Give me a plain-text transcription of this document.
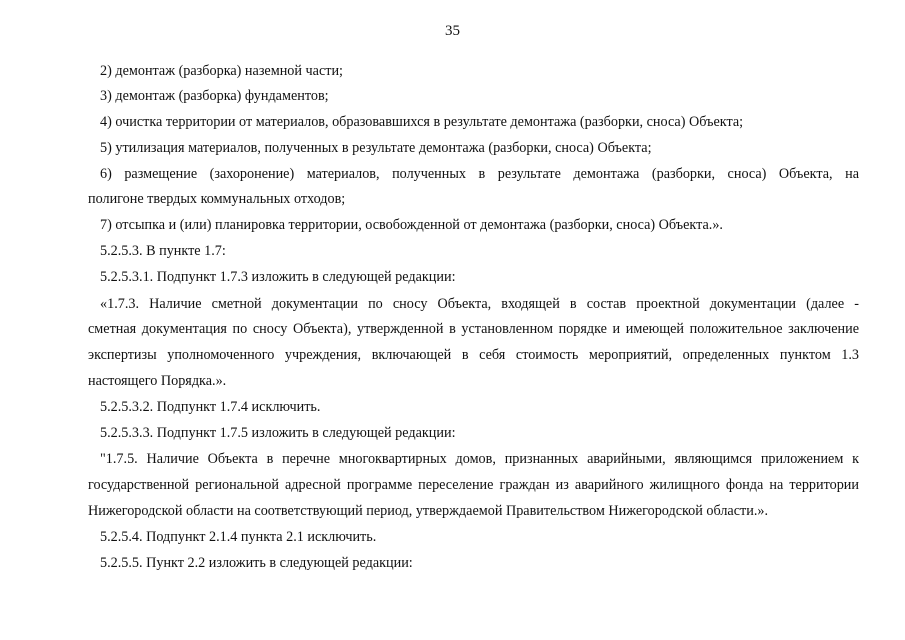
35
2) демонтаж (разборка) наземной части;
3) демонтаж (разборка) фундаментов;
4) очистка территории от материалов, образовавшихся в результате демонтажа (разборки, сноса) Объекта;
5) утилизация материалов, полученных в результате демонтажа (разборки, сноса) Объекта;
6) размещение (захоронение) материалов, полученных в результате демонтажа (разборки, сноса) Объекта, на
полигоне твердых коммунальных отходов;
7) отсыпка и (или) планировка территории, освобожденной от демонтажа (разборки, сноса) Объекта.».
5.2.5.3. В пункте 1.7:
5.2.5.3.1. Подпункт 1.7.3 изложить в следующей редакции:
«1.7.3. Наличие сметной документации по сносу Объекта, входящей в состав проектной документации (далее -
сметная документация по сносу Объекта), утвержденной в установленном порядке и имеющей положительное заключение
экспертизы уполномоченного учреждения, включающей в себя стоимость мероприятий, определенных пунктом 1.3
настоящего Порядка.».
5.2.5.3.2. Подпункт 1.7.4 исключить.
5.2.5.3.3. Подпункт 1.7.5 изложить в следующей редакции:
"1.7.5. Наличие Объекта в перечне многоквартирных домов, признанных аварийными, являющимся приложением к
государственной региональной адресной программе переселение граждан из аварийного жилищного фонда на территории
Нижегородской области на соответствующий период, утверждаемой Правительством Нижегородской области.».
5.2.5.4. Подпункт 2.1.4 пункта 2.1 исключить.
5.2.5.5. Пункт 2.2 изложить в следующей редакции:
